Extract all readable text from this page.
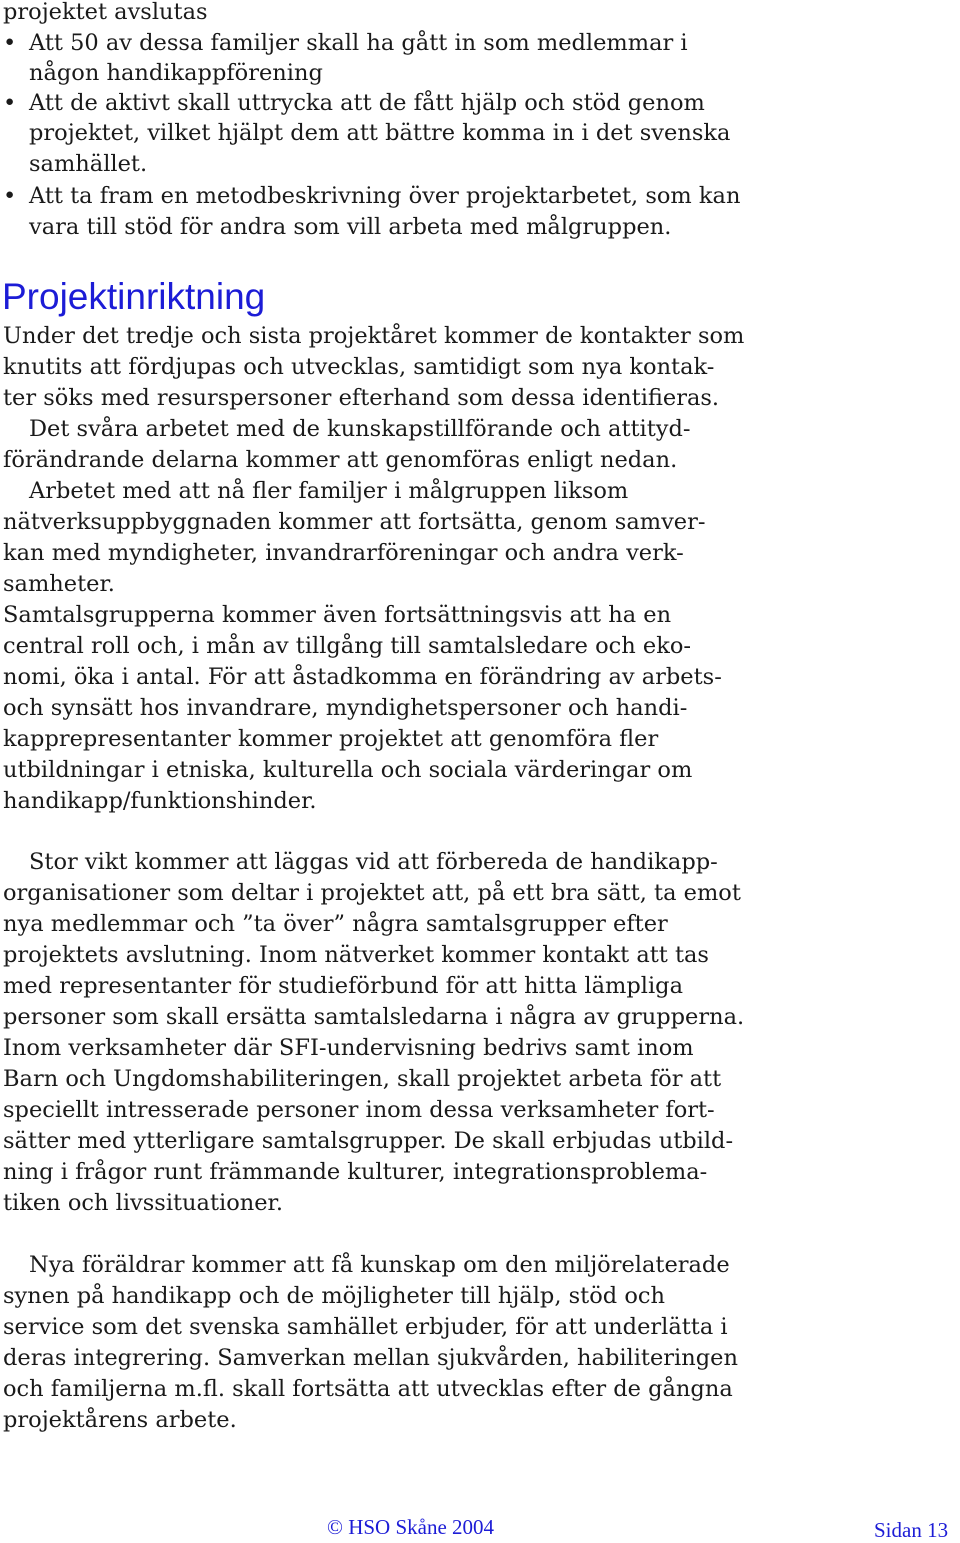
projektet avslutas
• Att 50 av dessa familjer skall ha gått in som medlemmar i
någon handikappförening
• Att de aktivt skall uttrycka att de fått hjälp och stöd genom
projektet, vilket hjälpt dem att bättre komma in i det svenska
samhället.
• Att ta fram en metodbeskrivning över projektarbetet, som kan
vara till stöd för andra som vill arbeta med målgruppen.
Projektinriktning
Under det tredje och sista projektåret kommer de kontakter som
knutits att fördjupas och utvecklas, samtidigt som nya kontak-
ter söks med resurspersoner efterhand som dessa identifieras.
Det svåra arbetet med de kunskapstillförande och attityd-
förändrande delarna kommer att genomföras enligt nedan.
Arbetet med att nå fler familjer i målgruppen liksom
nätverksuppbyggnaden kommer att fortsätta, genom samver-
kan med myndigheter, invandrarföreningar och andra verk-
samheter.
Samtalsgrupperna kommer även fortsättningsvis att ha en
central roll och, i mån av tillgång till samtalsledare och eko-
nomi, öka i antal. För att åstadkomma en förändring av arbets-
och synsätt hos invandrare, myndighetspersoner och handi-
kapprepresentanter kommer projektet att genomföra fler
utbildningar i etniska, kulturella och sociala värderingar om
handikapp/funktionshinder.
Stor vikt kommer att läggas vid att förbereda de handikapp-
organisationer som deltar i projektet att, på ett bra sätt, ta emot
nya medlemmar och ”ta över” några samtalsgrupper efter
projektets avslutning. Inom nätverket kommer kontakt att tas
med representanter för studieförbund för att hitta lämpliga
personer som skall ersätta samtalsledarna i några av grupperna.
Inom verksamheter där SFI-undervisning bedrivs samt inom
Barn och Ungdomshabiliteringen, skall projektet arbeta för att
speciellt intresserade personer inom dessa verksamheter fort-
sätter med ytterligare samtalsgrupper. De skall erbjudas utbild-
ning i frågor runt främmande kulturer, integrationsproblema-
tiken och livssituationer.
Nya föräldrar kommer att få kunskap om den miljörelaterade
synen på handikapp och de möjligheter till hjälp, stöd och
service som det svenska samhället erbjuder, för att underlätta i
deras integrering. Samverkan mellan sjukvården, habiliteringen
och familjerna m.fl. skall fortsätta att utvecklas efter de gångna
projektårens arbete.
© HSO Skåne 2004	Sidan 13
